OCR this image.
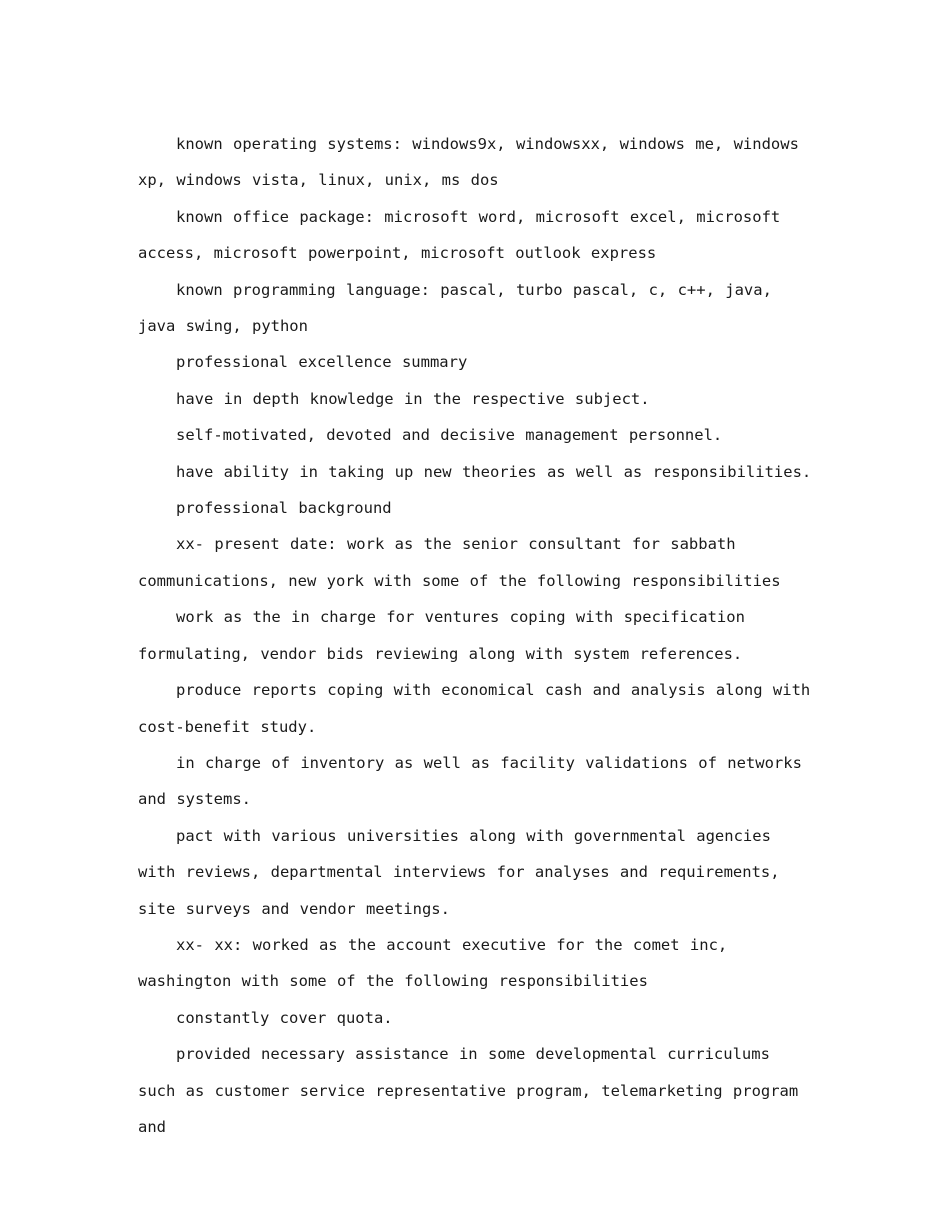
known operating systems: windows9x, windowsxx, windows me, windows xp, windows vista, linux, unix, ms dos

known office package: microsoft word, microsoft excel, microsoft access, microsoft powerpoint, microsoft outlook express

known programming language: pascal, turbo pascal, c, c++, java, java swing, python

professional excellence summary

have in depth knowledge in the respective subject.

self-motivated, devoted and decisive management personnel.

have ability in taking up new theories as well as responsibilities.

professional background

xx- present date: work as the senior consultant for sabbath communications, new york with some of the following responsibilities

work as the in charge for ventures coping with specification formulating, vendor bids reviewing along with system references.

produce reports coping with economical cash and analysis along with cost-benefit study.

in charge of inventory as well as facility validations of networks and systems.

pact with various universities along with governmental agencies with reviews, departmental interviews for analyses and requirements, site surveys and vendor meetings.

xx- xx: worked as the account executive for the comet inc, washington with some of the following responsibilities

constantly cover quota.

provided necessary assistance in some developmental curriculums such as customer service representative program, telemarketing program and
